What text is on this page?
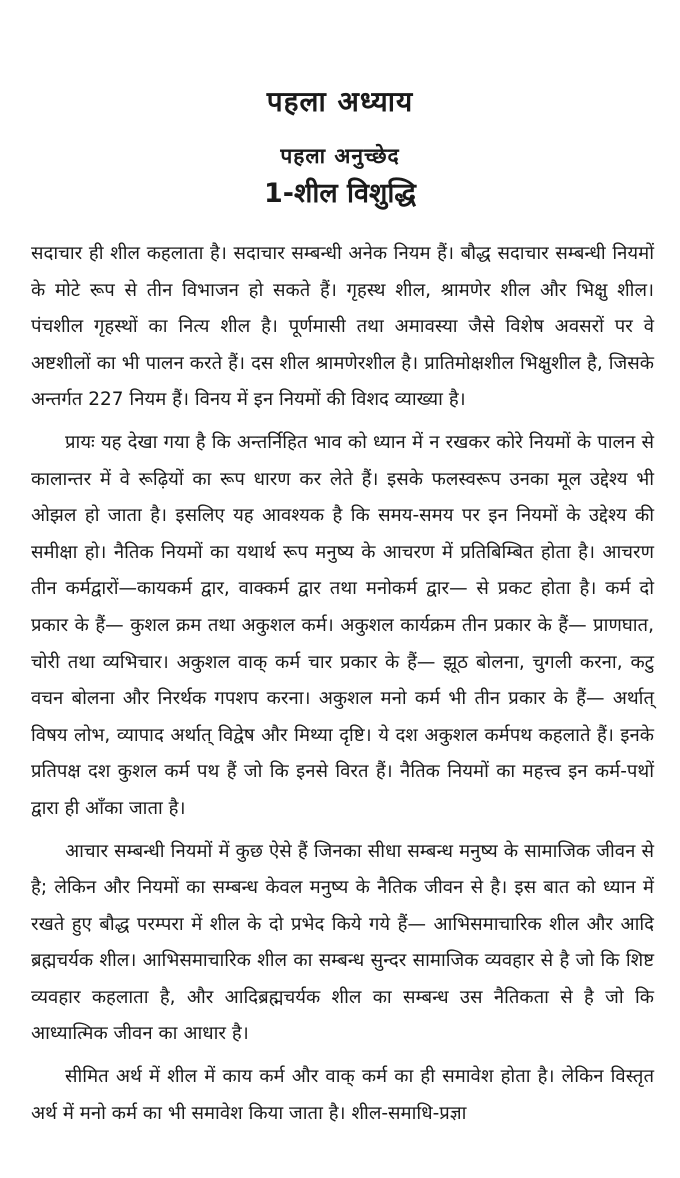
पहला अध्याय
पहला अनुच्छेद
1-शील विशुद्धि

सदाचार ही शील कहलाता है। सदाचार सम्बन्धी अनेक नियम हैं। बौद्ध सदाचार सम्बन्धी नियमों के मोटे रूप से तीन विभाजन हो सकते हैं। गृहस्थ शील, श्रामणेर शील और भिक्षु शील। पंचशील गृहस्थों का नित्य शील है। पूर्णमासी तथा अमावस्या जैसे विशेष अवसरों पर वे अष्टशीलों का भी पालन करते हैं। दस शील श्रामणेरशील है। प्रातिमोक्षशील भिक्षुशील है, जिसके अन्तर्गत 227 नियम हैं। विनय में इन नियमों की विशद व्याख्या है।

प्रायः यह देखा गया है कि अन्तर्निहित भाव को ध्यान में न रखकर कोरे नियमों के पालन से कालान्तर में वे रूढ़ियों का रूप धारण कर लेते हैं। इसके फलस्वरूप उनका मूल उद्देश्य भी ओझल हो जाता है। इसलिए यह आवश्यक है कि समय-समय पर इन नियमों के उद्देश्य की समीक्षा हो। नैतिक नियमों का यथार्थ रूप मनुष्य के आचरण में प्रतिबिम्बित होता है। आचरण तीन कर्मद्वारों—कायकर्म द्वार, वाक्कर्म द्वार तथा मनोकर्म द्वार— से प्रकट होता है। कर्म दो प्रकार के हैं— कुशल क्रम तथा अकुशल कर्म। अकुशल कार्यक्रम तीन प्रकार के हैं— प्राणघात, चोरी तथा व्यभिचार। अकुशल वाक् कर्म चार प्रकार के हैं— झूठ बोलना, चुगली करना, कटु वचन बोलना और निरर्थक गपशप करना। अकुशल मनो कर्म भी तीन प्रकार के हैं— अर्थात् विषय लोभ, व्यापाद अर्थात् विद्वेष और मिथ्या दृष्टि। ये दश अकुशल कर्मपथ कहलाते हैं। इनके प्रतिपक्ष दश कुशल कर्म पथ हैं जो कि इनसे विरत हैं। नैतिक नियमों का महत्त्व इन कर्म-पथों द्वारा ही आँका जाता है।

आचार सम्बन्धी नियमों में कुछ ऐसे हैं जिनका सीधा सम्बन्ध मनुष्य के सामाजिक जीवन से है; लेकिन और नियमों का सम्बन्ध केवल मनुष्य के नैतिक जीवन से है। इस बात को ध्यान में रखते हुए बौद्ध परम्परा में शील के दो प्रभेद किये गये हैं— आभिसमाचारिक शील और आदि ब्रह्मचर्यक शील। आभिसमाचारिक शील का सम्बन्ध सुन्दर सामाजिक व्यवहार से है जो कि शिष्ट व्यवहार कहलाता है, और आदिब्रह्मचर्यक शील का सम्बन्ध उस नैतिकता से है जो कि आध्यात्मिक जीवन का आधार है।

सीमित अर्थ में शील में काय कर्म और वाक् कर्म का ही समावेश होता है। लेकिन विस्तृत अर्थ में मनो कर्म का भी समावेश किया जाता है। शील-समाधि-प्रज्ञा
